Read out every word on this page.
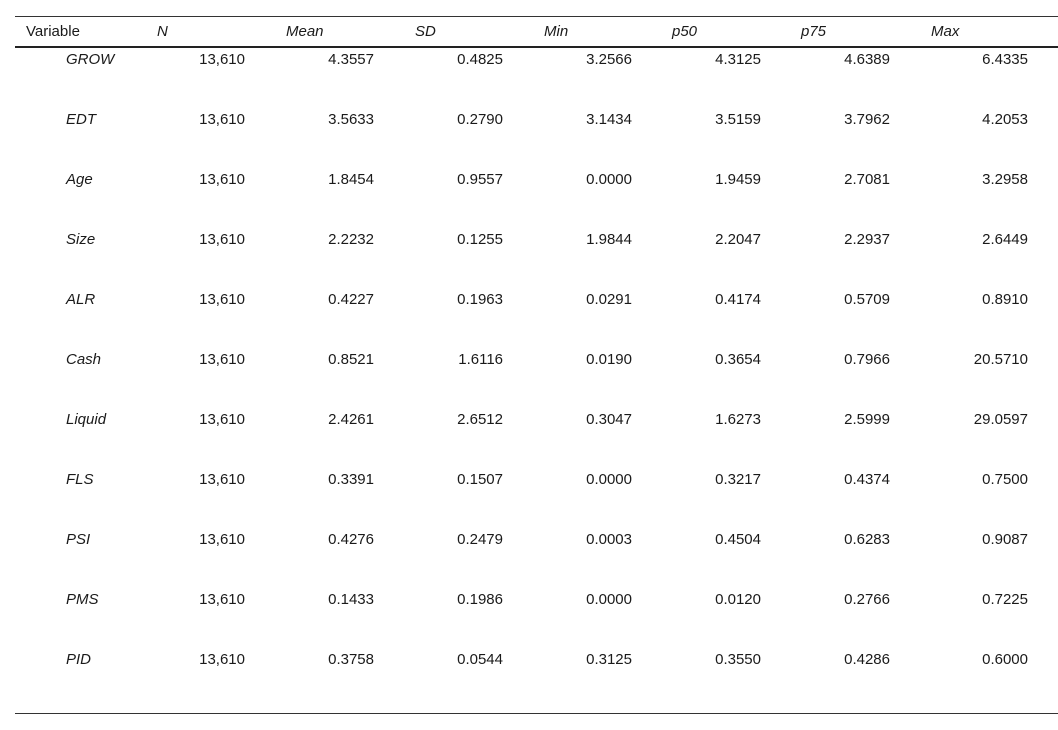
Variable	N	Mean	SD	Min	p50	p75	Max
GROW	13,610	4.3557	0.4825	3.2566	4.3125	4.6389	6.4335
EDT	13,610	3.5633	0.2790	3.1434	3.5159	3.7962	4.2053
Age	13,610	1.8454	0.9557	0.0000	1.9459	2.7081	3.2958
Size	13,610	2.2232	0.1255	1.9844	2.2047	2.2937	2.6449
ALR	13,610	0.4227	0.1963	0.0291	0.4174	0.5709	0.8910
Cash	13,610	0.8521	1.6116	0.0190	0.3654	0.7966	20.5710
Liquid	13,610	2.4261	2.6512	0.3047	1.6273	2.5999	29.0597
FLS	13,610	0.3391	0.1507	0.0000	0.3217	0.4374	0.7500
PSI	13,610	0.4276	0.2479	0.0003	0.4504	0.6283	0.9087
PMS	13,610	0.1433	0.1986	0.0000	0.0120	0.2766	0.7225
PID	13,610	0.3758	0.0544	0.3125	0.3550	0.4286	0.6000
